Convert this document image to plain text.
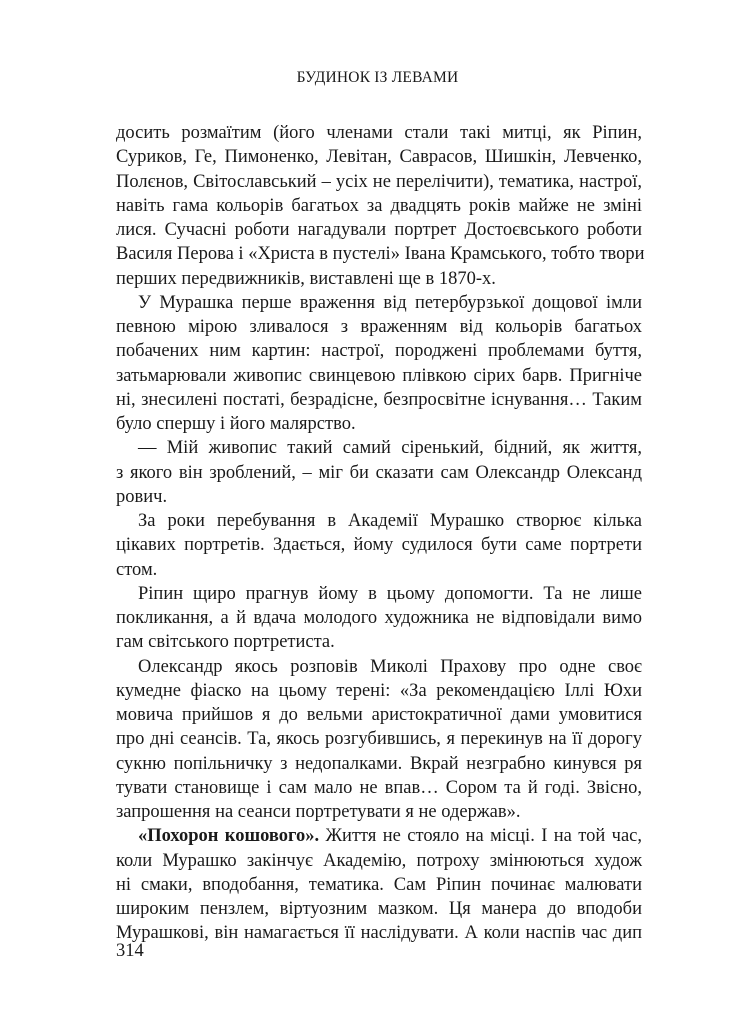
БУДИНОК ІЗ ЛЕВАМИ

досить розмаїтим (його членами стали такі митці, як Рiпин,
Суриков, Ге, Пимоненко, Левітан, Саврасов, Шишкін, Левченко,
Полєнов, Світославський – усіх не перелічити), тематика, настрої,
навіть гама кольорів багатьох за двадцять років майже не зміні
лися. Сучасні роботи нагадували портрет Достоєвського роботи
Василя Перова і «Христа в пустелі» Івана Крамського, тобто твори
перших передвижників, виставлені ще в 1870-х.
У Мурашка перше враження від петербурзької дощової імли
певною мірою зливалося з враженням від кольорів багатьох
побачених ним картин: настрої, породжені проблемами буття,
затьмарювали живопис свинцевою плівкою сірих барв. Пригнiче
ні, знесилені постаті, безрадісне, безпросвітне існування… Таким
було спершу і його малярство.
— Мій живопис такий самий сіренький, бідний, як життя,
з якого він зроблений, – міг би сказати сам Олександр Олександ
рович.
За роки перебування в Академії Мурашко створює кілька
цікавих портретів. Здається, йому судилося бути саме портрети
стом.
Рiпин щиро прагнув йому в цьому допомогти. Та не лише
покликання, а й вдача молодого художника не відповідали вимо
гам світського портретиста.
Олександр якось розповів Миколі Прахову про одне своє
кумедне фіаско на цьому терені: «За рекомендацією Іллі Юхи
мовича прийшов я до вельми аристократичної дами умовитися
про дні сеансів. Та, якось розгубившись, я перекинув на її дорогу
сукню попільничку з недопалками. Вкрай незграбно кинувся ря
тувати становище і сам мало не впав… Сором та й годі. Звісно,
запрошення на сеанси портретувати я не одержав».
«Похорон кошового». Життя не стояло на місці. І на той час,
коли Мурашко закінчує Академію, потроху змінюються худож
ні смаки, вподобання, тематика. Сам Рiпин починає малювати
широким пензлем, віртуозним мазком. Ця манера до вподоби
Мурашкові, він намагається її наслідувати. А коли наспів час дип

314
